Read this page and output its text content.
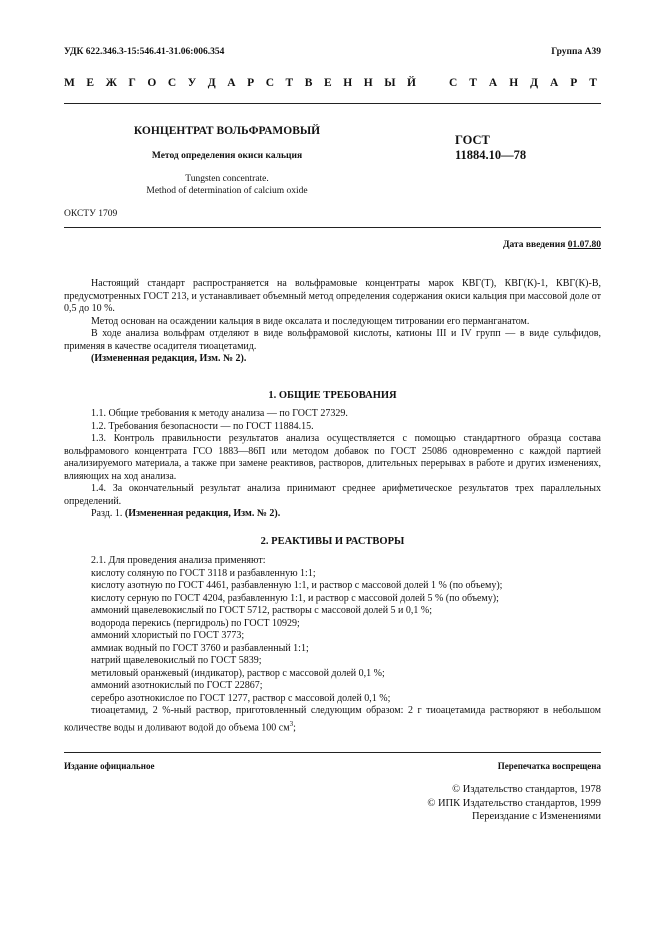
УДК 622.346.3-15:546.41-31.06:006.354	Группа А39
М Е Ж Г О С У Д А Р С Т В Е Н Н Ы Й	С Т А Н Д А Р Т
КОНЦЕНТРАТ ВОЛЬФРАМОВЫЙ
Метод определения окиси кальция
Tungsten concentrate.
Method of determination of calcium oxide
ГОСТ
11884.10—78
ОКСТУ 1709
Дата введения 01.07.80

Настоящий стандарт распространяется на вольфрамовые концентраты марок КВГ(Т), КВГ(К)-1, КВГ(К)-В, предусмотренных ГОСТ 213, и устанавливает объемный метод определения содержания окиси кальция при массовой доле от 0,5 до 10 %.

Метод основан на осаждении кальция в виде оксалата и последующем титровании его перманганатом.

В ходе анализа вольфрам отделяют в виде вольфрамовой кислоты, катионы III и IV групп — в виде сульфидов, применяя в качестве осадителя тиоацетамид.

(Измененная редакция, Изм. № 2).

1. ОБЩИЕ ТРЕБОВАНИЯ

1.1. Общие требования к методу анализа — по ГОСТ 27329.

1.2. Требования безопасности — по ГОСТ 11884.15.

1.3. Контроль правильности результатов анализа осуществляется с помощью стандартного образца состава вольфрамового концентрата ГСО 1883—86П или методом добавок по ГОСТ 25086 одновременно с каждой партией анализируемого материала, а также при замене реактивов, растворов, длительных перерывах в работе и других изменениях, влияющих на ход анализа.

1.4. За окончательный результат анализа принимают среднее арифметическое результатов трех параллельных определений.

Разд. 1. (Измененная редакция, Изм. № 2).

2. РЕАКТИВЫ И РАСТВОРЫ

2.1. Для проведения анализа применяют:

кислоту соляную по ГОСТ 3118 и разбавленную 1:1;

кислоту азотную по ГОСТ 4461, разбавленную 1:1, и раствор с массовой долей 1 % (по объему);

кислоту серную по ГОСТ 4204, разбавленную 1:1, и раствор с массовой долей 5 % (по объему);

аммоний щавелевокислый по ГОСТ 5712, растворы с массовой долей 5 и 0,1 %;

водорода перекись (пергидроль) по ГОСТ 10929;

аммоний хлористый по ГОСТ 3773;

аммиак водный по ГОСТ 3760 и разбавленный 1:1;

натрий щавелевокислый по ГОСТ 5839;

метиловый оранжевый (индикатор), раствор с массовой долей 0,1 %;

аммоний азотнокислый по ГОСТ 22867;

серебро азотнокислое по ГОСТ 1277, раствор с массовой долей 0,1 %;

тиоацетамид, 2 %-ный раствор, приготовленный следующим образом: 2 г тиоацетамида растворяют в небольшом количестве воды и доливают водой до объема 100 $см^3$;

Издание официальное	Перепечатка воспрещена
© Издательство стандартов, 1978
© ИПК Издательство стандартов, 1999
Переиздание с Изменениями
